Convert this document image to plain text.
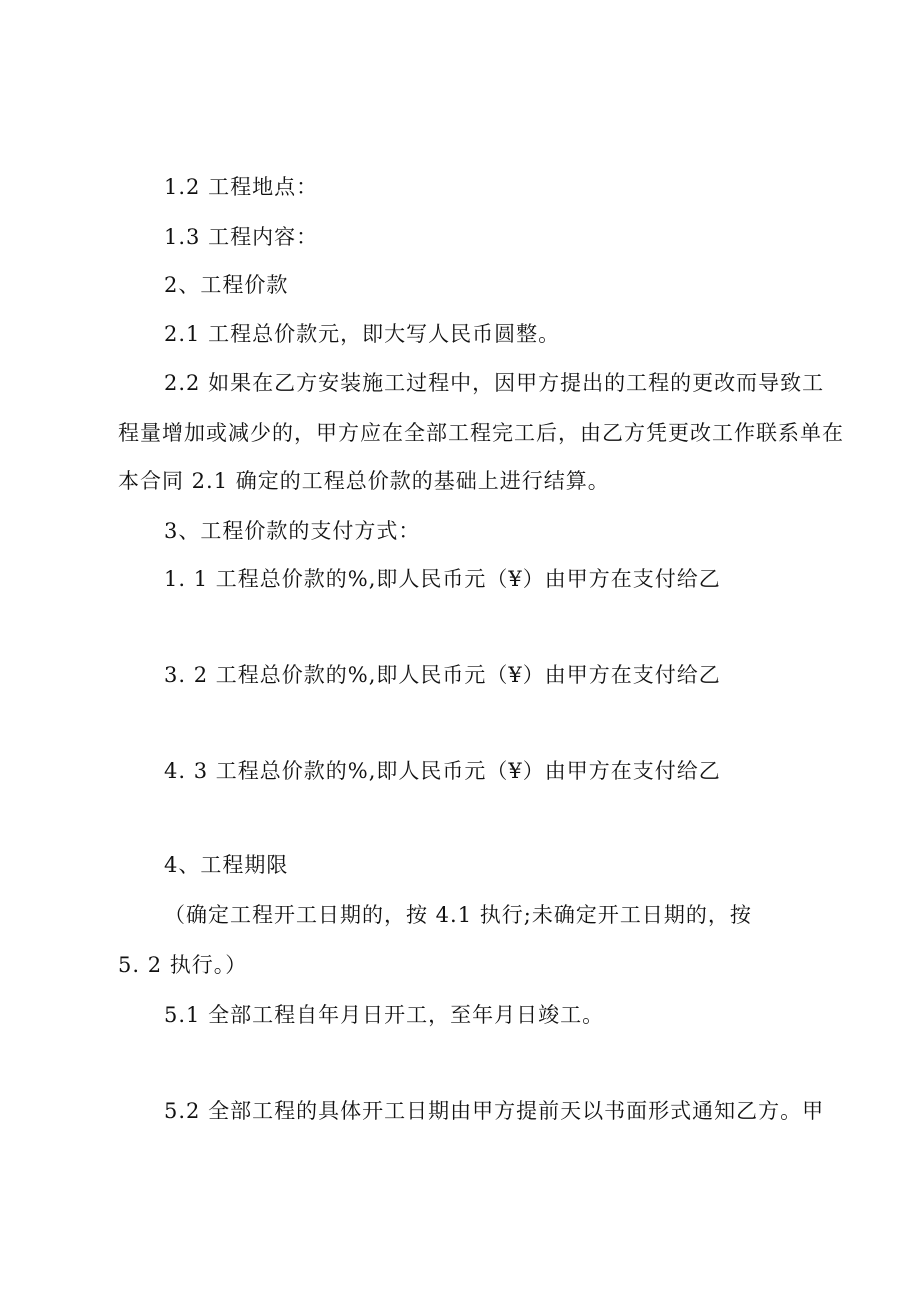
1.2 工程地点：
1.3 工程内容：
2、工程价款
2.1 工程总价款元，即大写人民币圆整。
2.2 如果在乙方安装施工过程中，因甲方提出的工程的更改而导致工
程量增加或减少的，甲方应在全部工程完工后，由乙方凭更改工作联系单在
本合同 2.1 确定的工程总价款的基础上进行结算。
3、工程价款的支付方式：
1. 1 工程总价款的%,即人民币元（¥）由甲方在支付给乙
3. 2 工程总价款的%,即人民币元（¥）由甲方在支付给乙
4. 3 工程总价款的%,即人民币元（¥）由甲方在支付给乙
4、工程期限
（确定工程开工日期的，按 4.1 执行;未确定开工日期的，按
5. 2 执行。）
5.1 全部工程自年月日开工，至年月日竣工。
5.2 全部工程的具体开工日期由甲方提前天以书面形式通知乙方。甲
